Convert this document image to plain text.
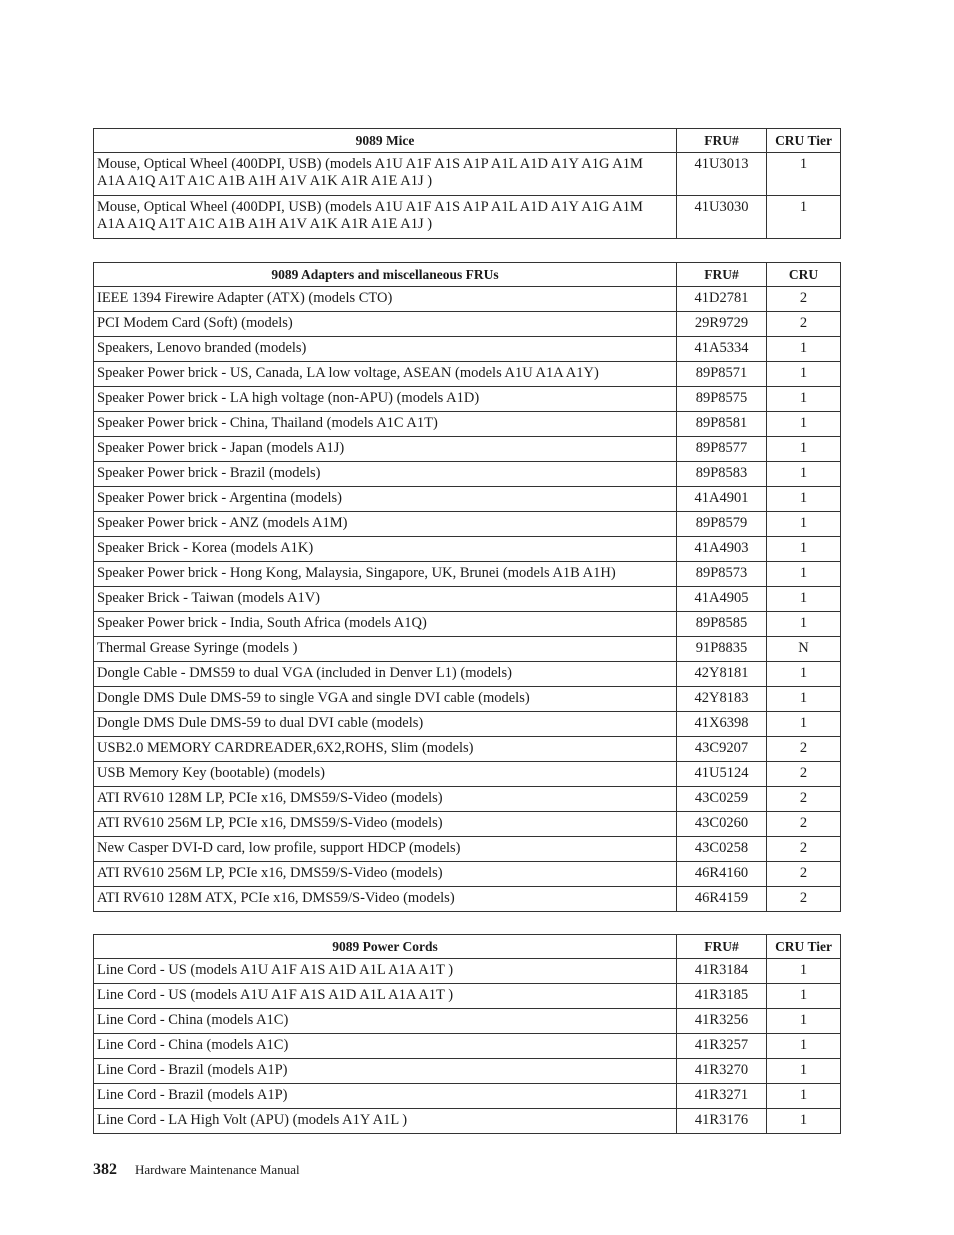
9089 Mice	FRU#	CRU Tier
Mouse, Optical Wheel (400DPI, USB) (models A1U A1F A1S A1P A1L A1D A1Y A1G A1M A1A A1Q A1T A1C A1B A1H A1V A1K A1R A1E A1J )	41U3013	1
Mouse, Optical Wheel (400DPI, USB) (models A1U A1F A1S A1P A1L A1D A1Y A1G A1M A1A A1Q A1T A1C A1B A1H A1V A1K A1R A1E A1J )	41U3030	1
9089 Adapters and miscellaneous FRUs	FRU#	CRU
IEEE 1394 Firewire Adapter (ATX) (models CTO)	41D2781	2
PCI Modem Card (Soft) (models)	29R9729	2
Speakers, Lenovo branded (models)	41A5334	1
Speaker Power brick - US, Canada, LA low voltage, ASEAN (models A1U A1A A1Y)	89P8571	1
Speaker Power brick - LA high voltage (non-APU) (models A1D)	89P8575	1
Speaker Power brick - China, Thailand (models A1C A1T)	89P8581	1
Speaker Power brick - Japan (models A1J)	89P8577	1
Speaker Power brick - Brazil (models)	89P8583	1
Speaker Power brick - Argentina (models)	41A4901	1
Speaker Power brick - ANZ (models A1M)	89P8579	1
Speaker Brick - Korea (models A1K)	41A4903	1
Speaker Power brick - Hong Kong, Malaysia, Singapore, UK, Brunei (models A1B A1H)	89P8573	1
Speaker Brick - Taiwan (models A1V)	41A4905	1
Speaker Power brick - India, South Africa (models A1Q)	89P8585	1
Thermal Grease Syringe (models )	91P8835	N
Dongle Cable - DMS59 to dual VGA (included in Denver L1) (models)	42Y8181	1
Dongle DMS Dule DMS-59 to single VGA and single DVI cable (models)	42Y8183	1
Dongle DMS Dule DMS-59 to dual DVI cable (models)	41X6398	1
USB2.0 MEMORY CARDREADER,6X2,ROHS, Slim (models)	43C9207	2
USB Memory Key (bootable) (models)	41U5124	2
ATI RV610 128M LP, PCIe x16, DMS59/S-Video (models)	43C0259	2
ATI RV610 256M LP, PCIe x16, DMS59/S-Video (models)	43C0260	2
New Casper DVI-D card, low profile, support HDCP (models)	43C0258	2
ATI RV610 256M LP, PCIe x16, DMS59/S-Video (models)	46R4160	2
ATI RV610 128M ATX, PCIe x16, DMS59/S-Video (models)	46R4159	2
9089 Power Cords	FRU#	CRU Tier
Line Cord - US (models A1U A1F A1S A1D A1L A1A A1T )	41R3184	1
Line Cord - US (models A1U A1F A1S A1D A1L A1A A1T )	41R3185	1
Line Cord - China (models A1C)	41R3256	1
Line Cord - China (models A1C)	41R3257	1
Line Cord - Brazil (models A1P)	41R3270	1
Line Cord - Brazil (models A1P)	41R3271	1
Line Cord - LA High Volt (APU) (models A1Y A1L )	41R3176	1
382 Hardware Maintenance Manual
